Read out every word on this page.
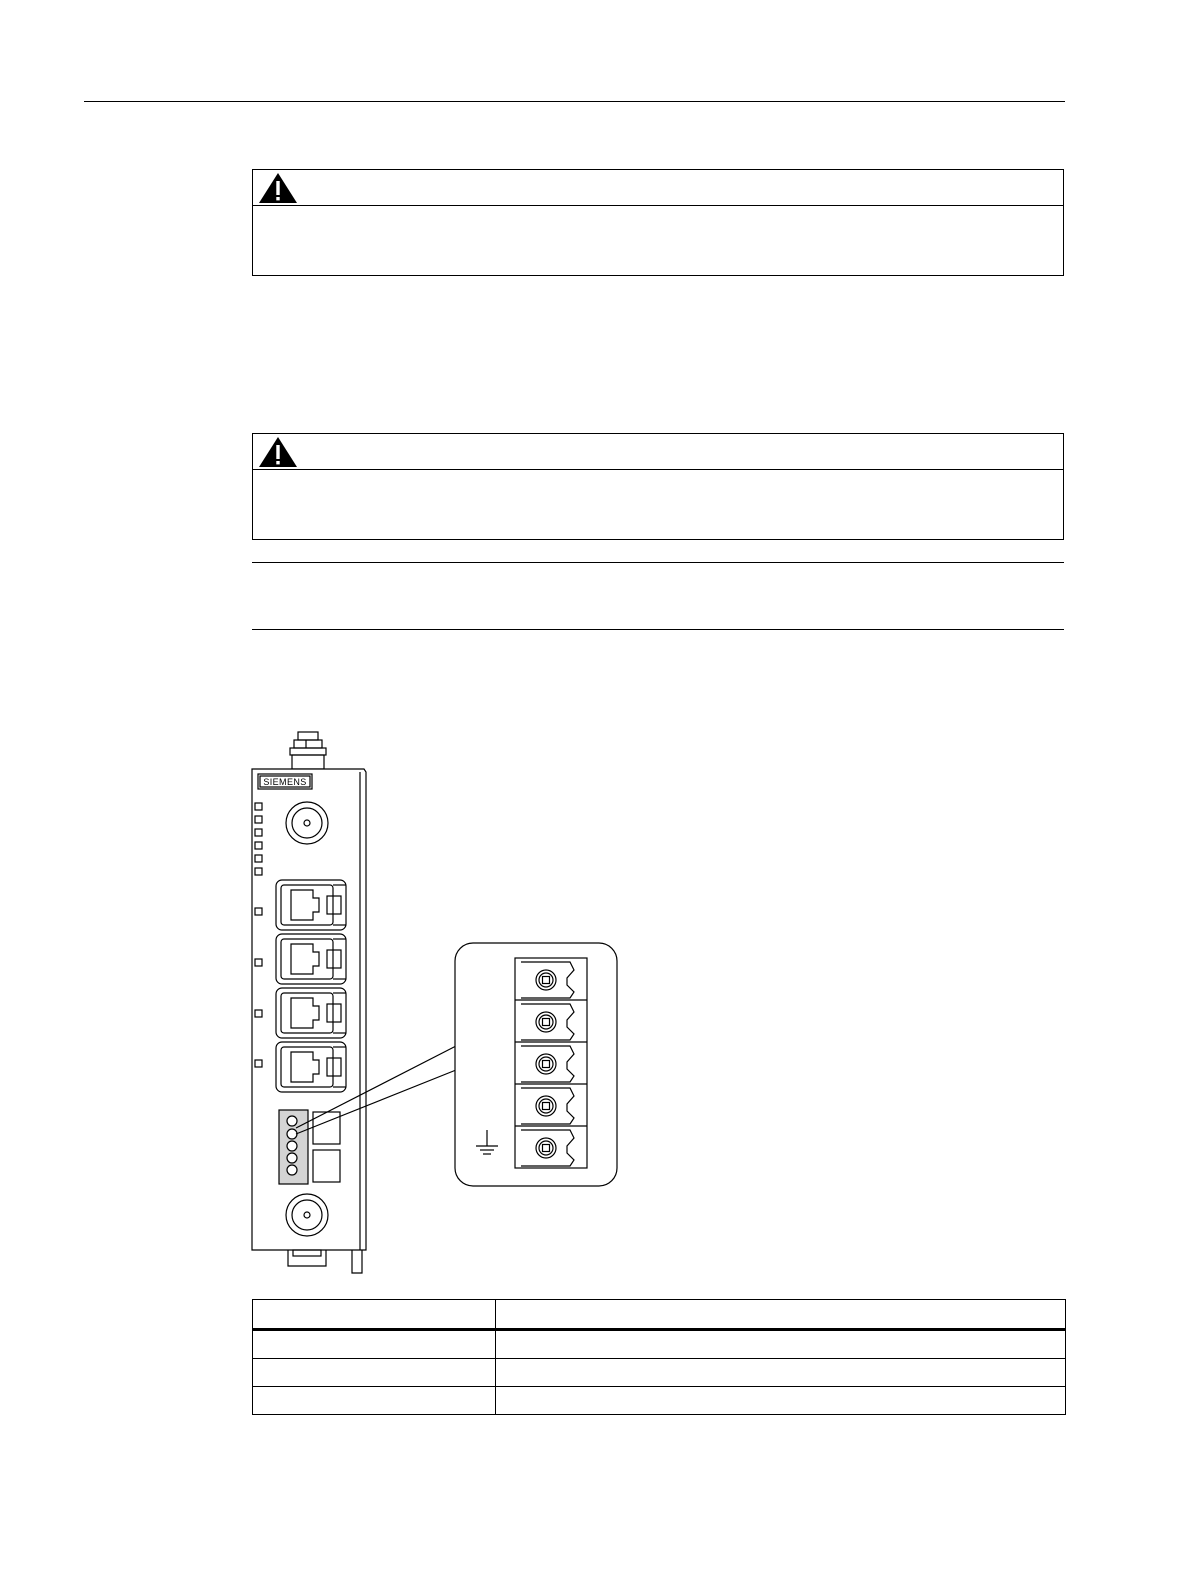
SIEMENS
